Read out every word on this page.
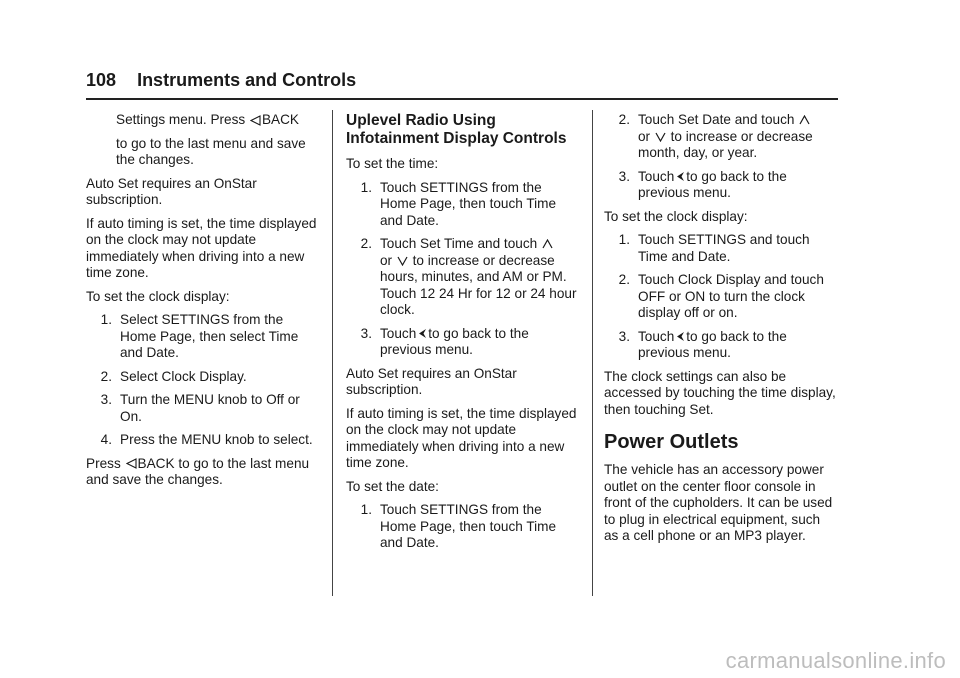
108 Instruments and Controls

Settings menu. Press BACK

to go to the last menu and save the changes.

Auto Set requires an OnStar subscription.

If auto timing is set, the time displayed on the clock may not update immediately when driving into a new time zone.

To set the clock display:

1. Select SETTINGS from the Home Page, then select Time and Date.
2. Select Clock Display.
3. Turn the MENU knob to Off or On.
4. Press the MENU knob to select.

Press BACK to go to the last menu and save the changes.

Uplevel Radio Using Infotainment Display Controls

To set the time:

1. Touch SETTINGS from the Home Page, then touch Time and Date.
2. Touch Set Time and touch
or to increase or decrease hours, minutes, and AM or PM. Touch 12 24 Hr for 12 or 24 hour clock.
3. Touch to go back to the previous menu.

Auto Set requires an OnStar subscription.

If auto timing is set, the time displayed on the clock may not update immediately when driving into a new time zone.

To set the date:

1. Touch SETTINGS from the Home Page, then touch Time and Date.
2. Touch Set Date and touch
or to increase or decrease month, day, or year.
3. Touch to go back to the previous menu.

To set the clock display:

1. Touch SETTINGS and touch Time and Date.
2. Touch Clock Display and touch OFF or ON to turn the clock display off or on.
3. Touch to go back to the previous menu.

The clock settings can also be accessed by touching the time display, then touching Set.

Power Outlets

The vehicle has an accessory power outlet on the center floor console in front of the cupholders. It can be used to plug in electrical equipment, such as a cell phone or an MP3 player.

carmanualsonline.info
